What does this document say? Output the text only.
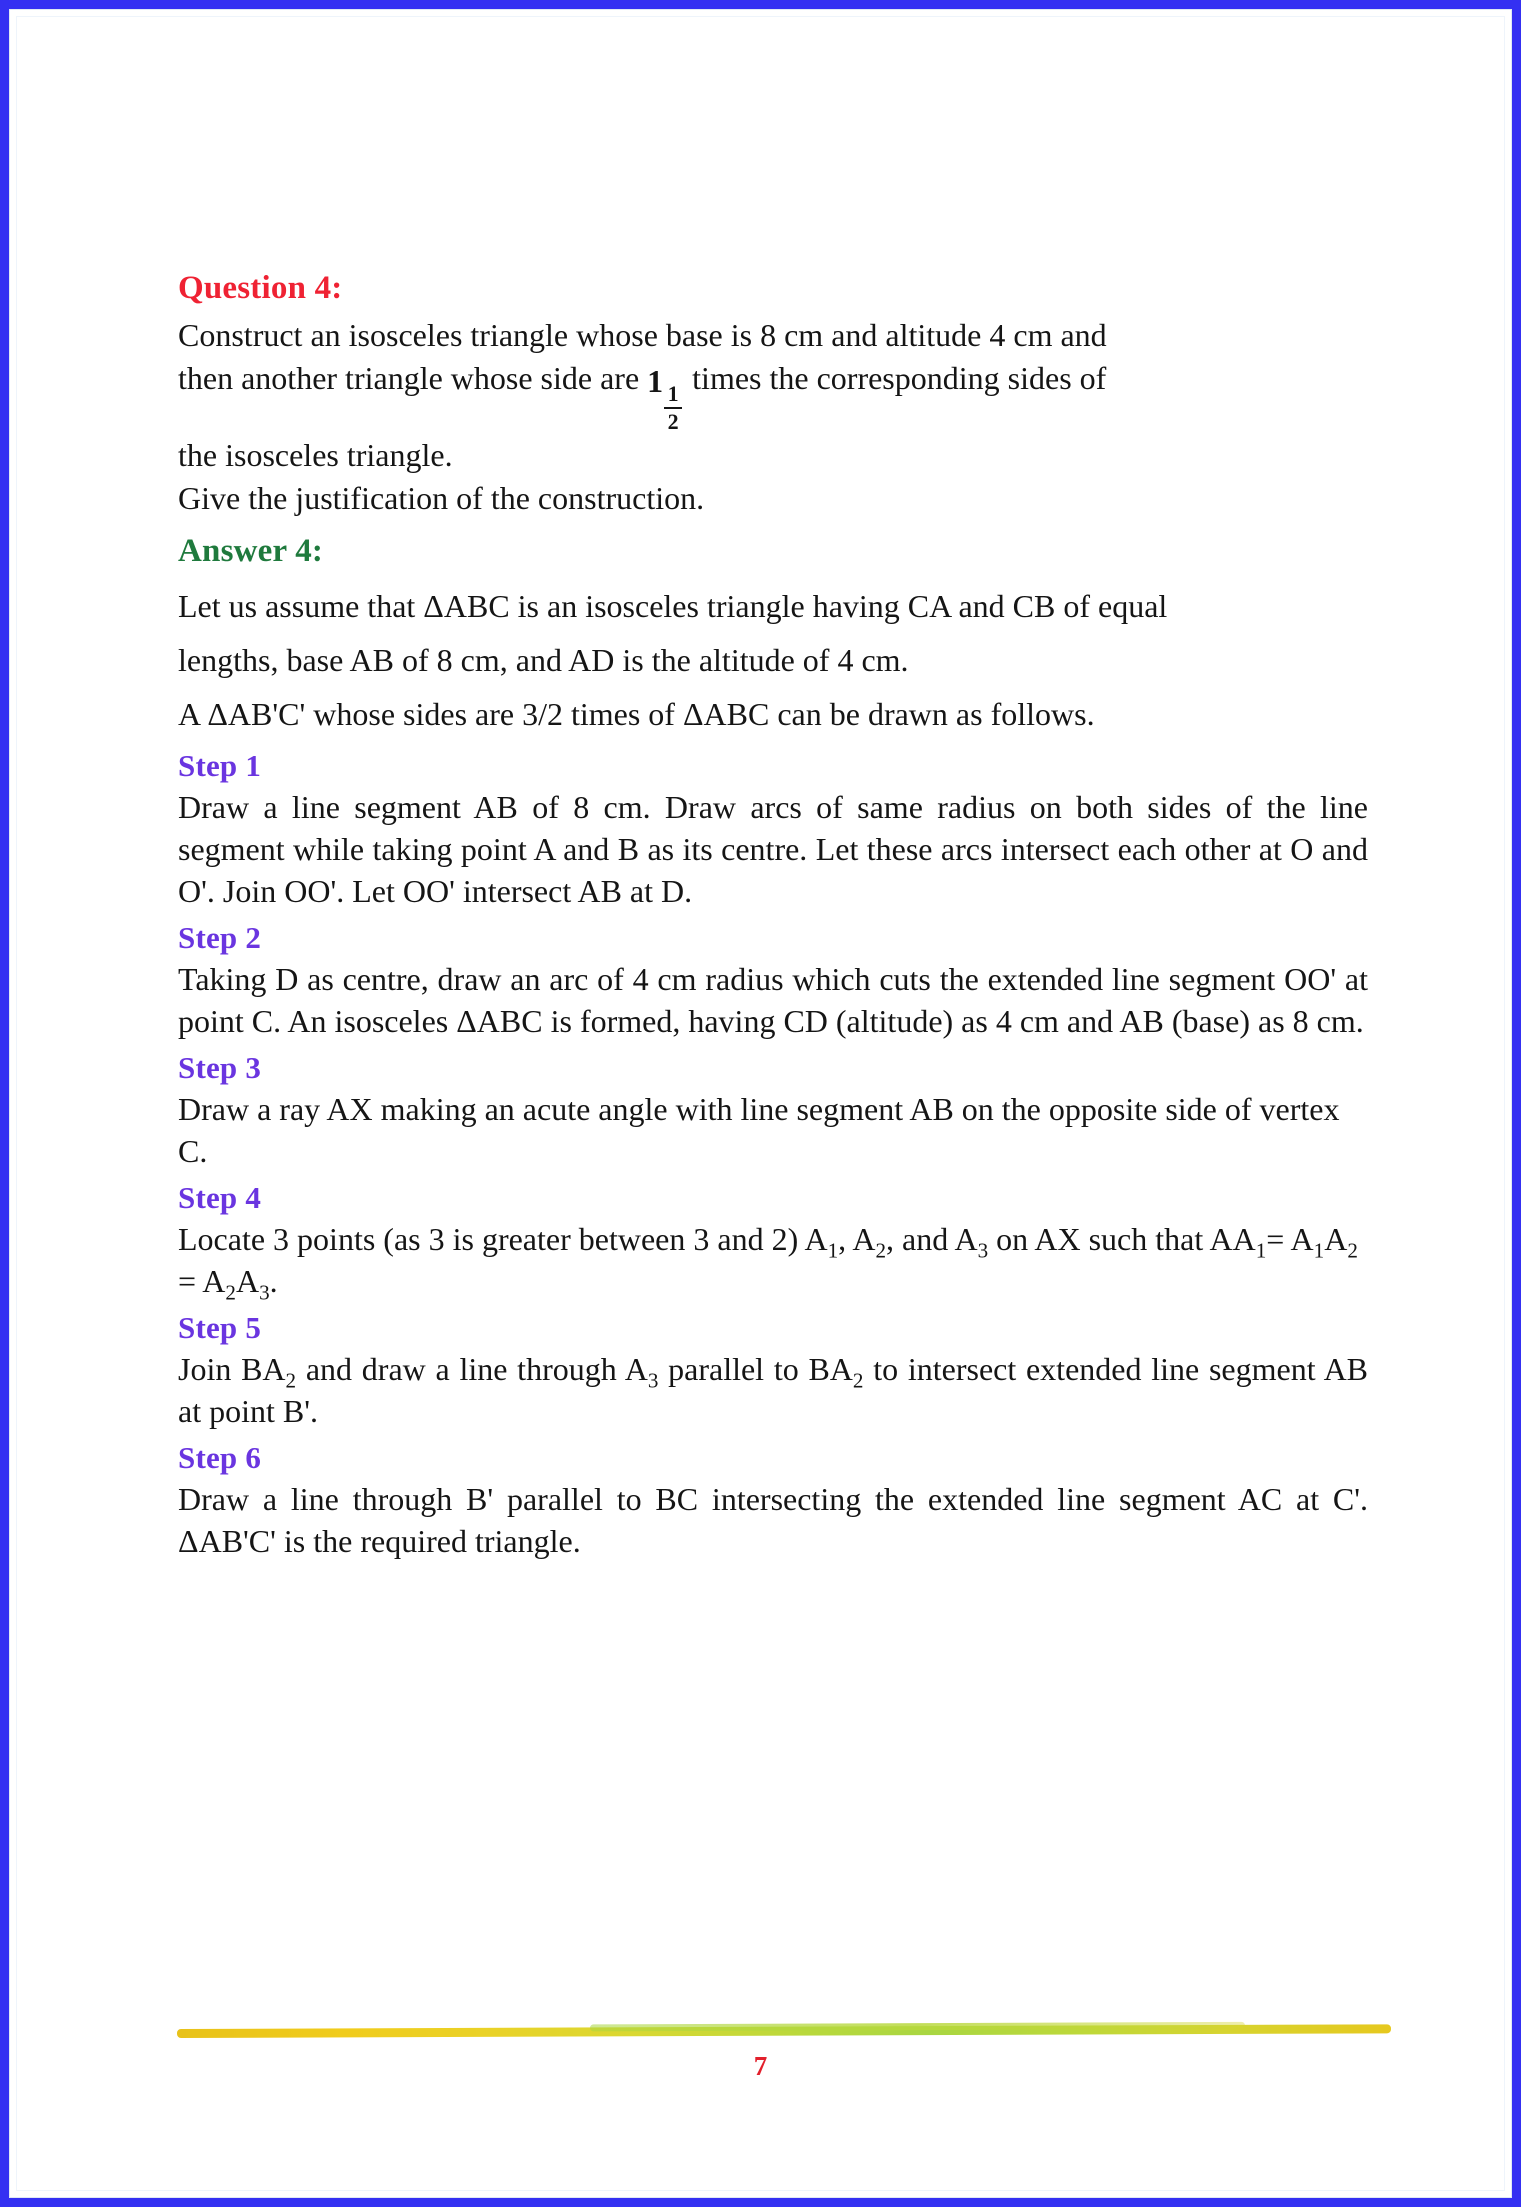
Question 4:
Construct an isosceles triangle whose base is 8 cm and altitude 4 cm and
then another triangle whose side are 1
$\frac{1}{2}$
times the corresponding sides of
the isosceles triangle.
Give the justification of the construction.
Answer 4:
Let us assume that ΔABC is an isosceles triangle having CA and CB of equal
lengths, base AB of 8 cm, and AD is the altitude of 4 cm.
A ΔAB'C' whose sides are 3/2 times of ΔABC can be drawn as follows.
Step 1
Draw a line segment AB of 8 cm. Draw arcs of same radius on both sides of the line segment while taking point A and B as its centre. Let these arcs intersect each other at O and O'. Join OO'. Let OO' intersect AB at D.
Step 2
Taking D as centre, draw an arc of 4 cm radius which cuts the extended line segment OO' at point C. An isosceles ΔABC is formed, having CD (altitude) as 4 cm and AB (base) as 8 cm.
Step 3
Draw a ray AX making an acute angle with line segment AB on the opposite side of vertex C.
Step 4
Locate 3 points (as 3 is greater between 3 and 2) $A_1$, $A_2$, and $A_3$ on AX such that $AA_1= A_1A_2 = A_2A_3$.
Step 5
Join $BA_2$ and draw a line through $A_3$ parallel to $BA_2$ to intersect extended line segment AB at point B'.
Step 6
Draw a line through B' parallel to BC intersecting the extended line segment AC at C'. ΔAB'C' is the required triangle.
7
